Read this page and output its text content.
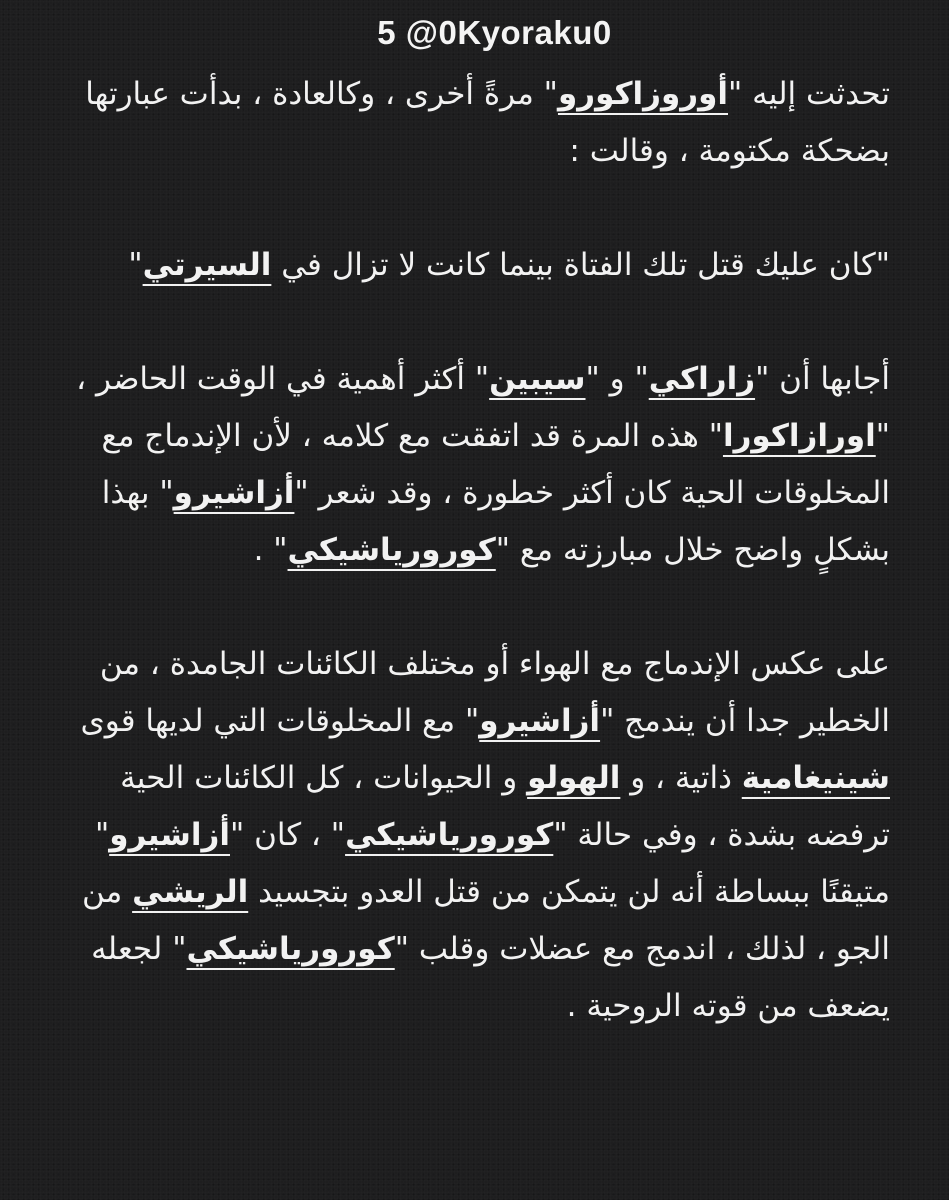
5 @0Kyoraku0

تحدثت إليه "أوروزاكورو" مرةً أخرى ، وكالعادة ، بدأت عبارتها بضحكة مكتومة ، وقالت :

"كان عليك قتل تلك الفتاة بينما كانت لا تزال في السيرتي"

أجابها أن "زاراكي" و "سيبين" أكثر أهمية في الوقت الحاضر ، "اورازاكورا" هذه المرة قد اتفقت مع كلامه ، لأن الإندماج مع المخلوقات الحية كان أكثر خطورة ، وقد شعر "أزاشيرو" بهذا بشكلٍ واضح خلال مبارزته مع "كورورياشيكي" .

على عكس الإندماج مع الهواء أو مختلف الكائنات الجامدة ، من الخطير جدا أن يندمج "أزاشيرو" مع المخلوقات التي لديها قوى شينيغامية ذاتية ، و الهولو و الحيوانات ، كل الكائنات الحية ترفضه بشدة ، وفي حالة "كورورياشيكي" ، كان "أزاشيرو" متيقنًا ببساطة أنه لن يتمكن من قتل العدو بتجسيد الريشي من الجو ، لذلك ، اندمج مع عضلات وقلب "كورورياشيكي" لجعله يضعف من قوته الروحية .
